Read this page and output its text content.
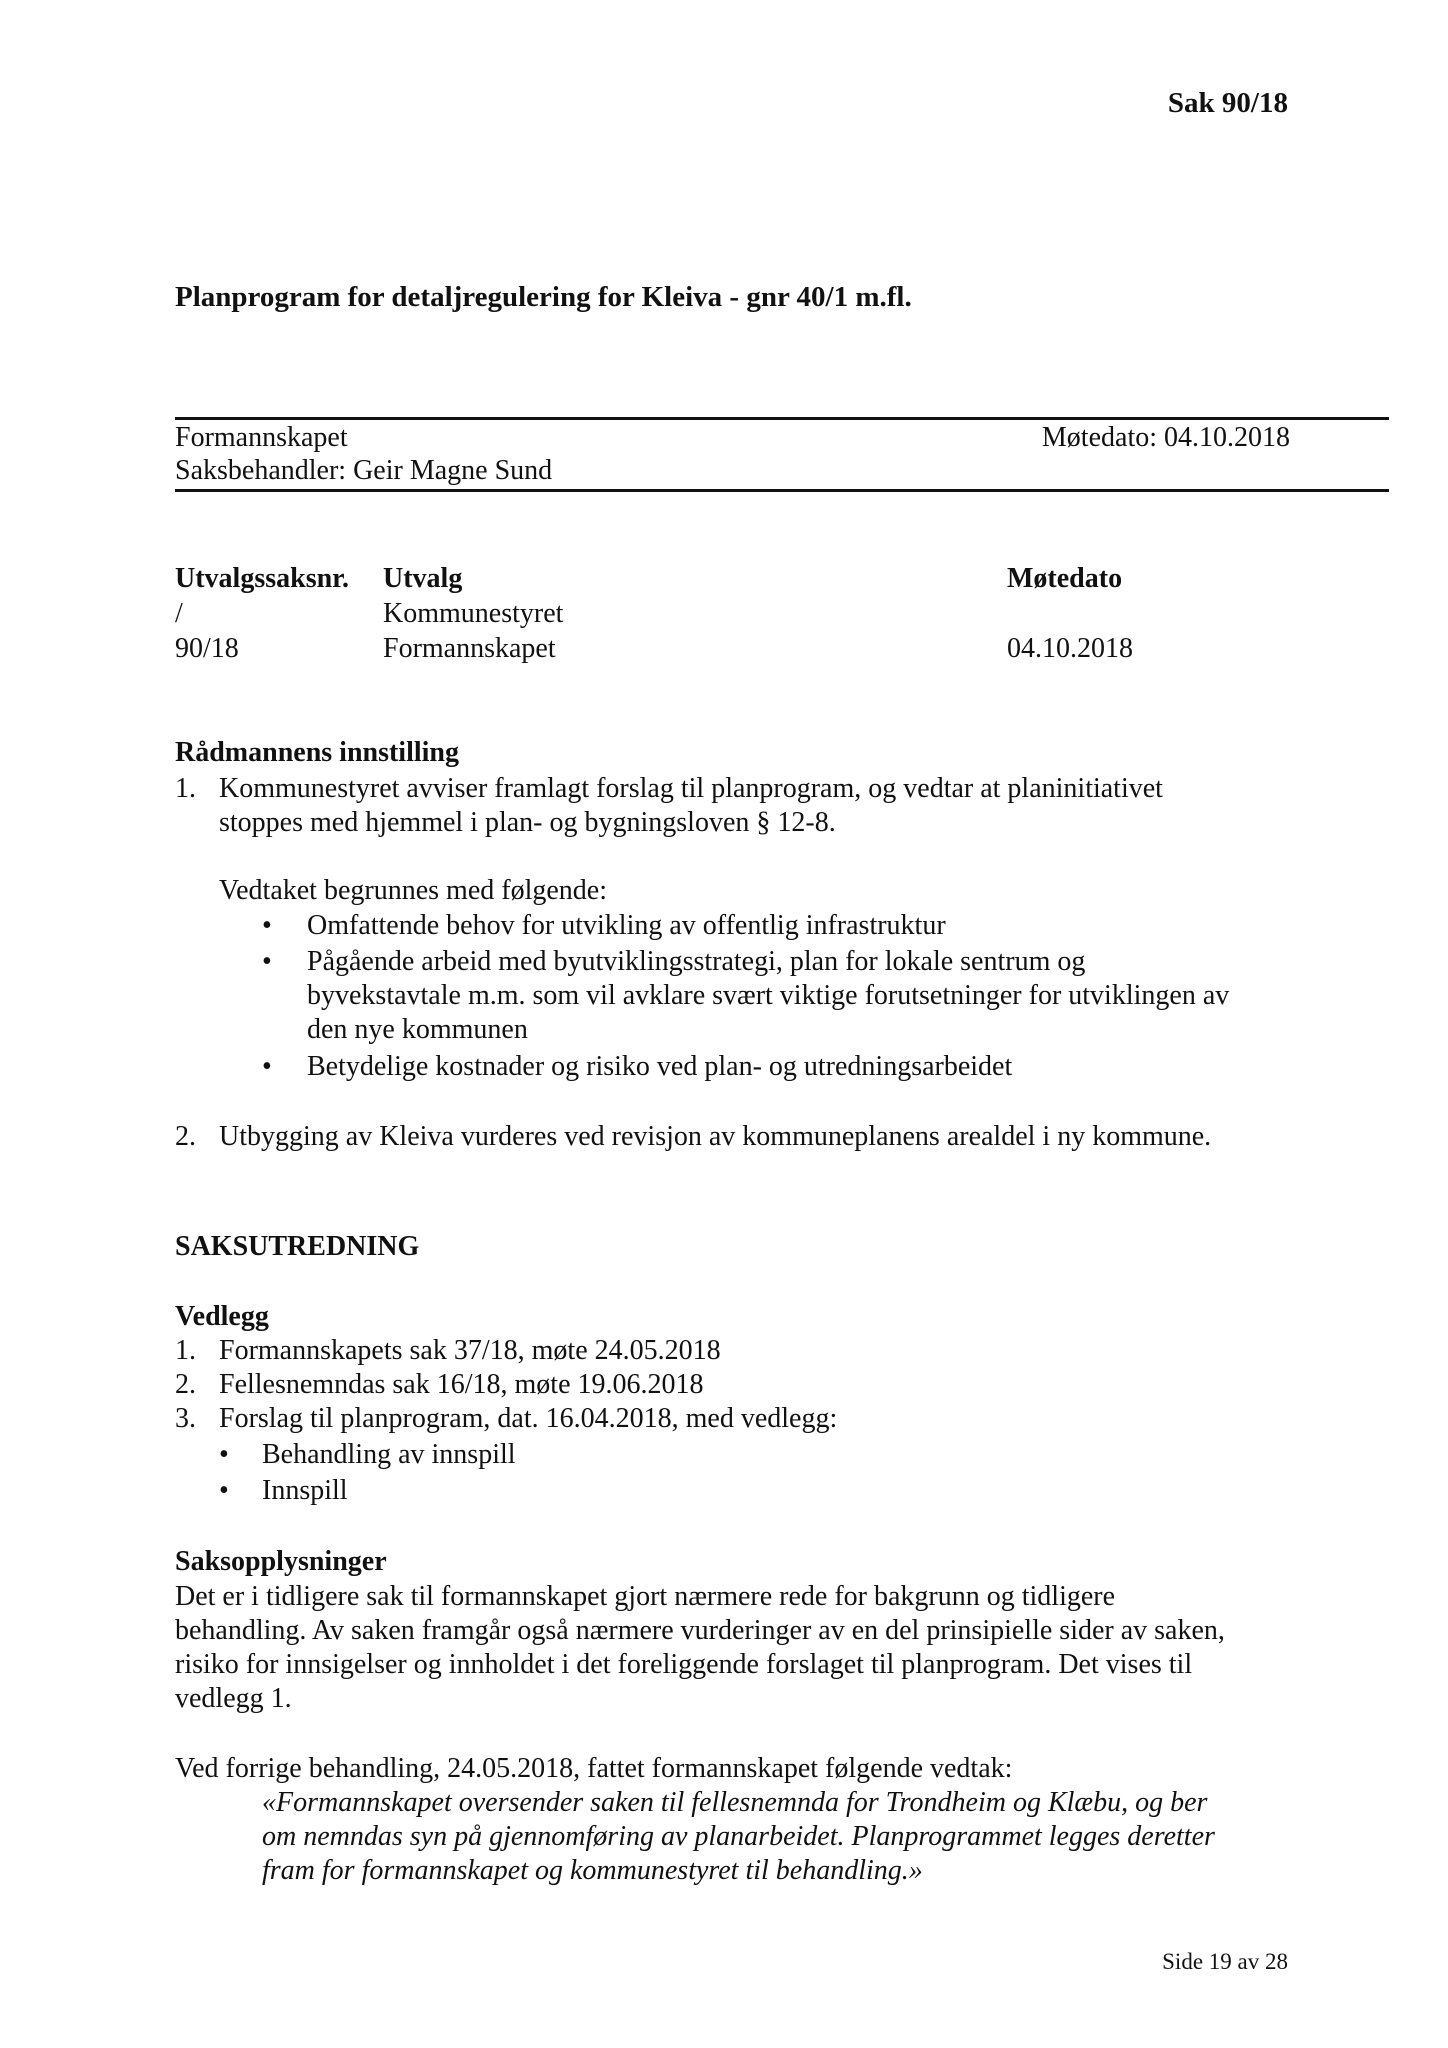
Sak 90/18
Planprogram for detaljregulering for Kleiva - gnr 40/1 m.fl.
Formannskapet	Møtedato: 04.10.2018
Saksbehandler: Geir Magne Sund
Utvalgssaksnr. Utvalg	Møtedato
/	Kommunestyret
90/18	Formannskapet	04.10.2018
Rådmannens innstilling
1. Kommunestyret avviser framlagt forslag til planprogram, og vedtar at planinitiativet
stoppes med hjemmel i plan- og bygningsloven § 12-8.
Vedtaket begrunnes med følgende:
• Omfattende behov for utvikling av offentlig infrastruktur
• Pågående arbeid med byutviklingsstrategi, plan for lokale sentrum og
byvekstavtale m.m. som vil avklare svært viktige forutsetninger for utviklingen av
den nye kommunen
• Betydelige kostnader og risiko ved plan- og utredningsarbeidet
2. Utbygging av Kleiva vurderes ved revisjon av kommuneplanens arealdel i ny kommune.
SAKSUTREDNING
Vedlegg
1. Formannskapets sak 37/18, møte 24.05.2018
2. Fellesnemndas sak 16/18, møte 19.06.2018
3. Forslag til planprogram, dat. 16.04.2018, med vedlegg:
• Behandling av innspill
• Innspill
Saksopplysninger
Det er i tidligere sak til formannskapet gjort nærmere rede for bakgrunn og tidligere
behandling. Av saken framgår også nærmere vurderinger av en del prinsipielle sider av saken,
risiko for innsigelser og innholdet i det foreliggende forslaget til planprogram. Det vises til
vedlegg 1.
Ved forrige behandling, 24.05.2018, fattet formannskapet følgende vedtak:
«Formannskapet oversender saken til fellesnemnda for Trondheim og Klæbu, og ber
om nemndas syn på gjennomføring av planarbeidet. Planprogrammet legges deretter
fram for formannskapet og kommunestyret til behandling.»
Side 19 av 28
